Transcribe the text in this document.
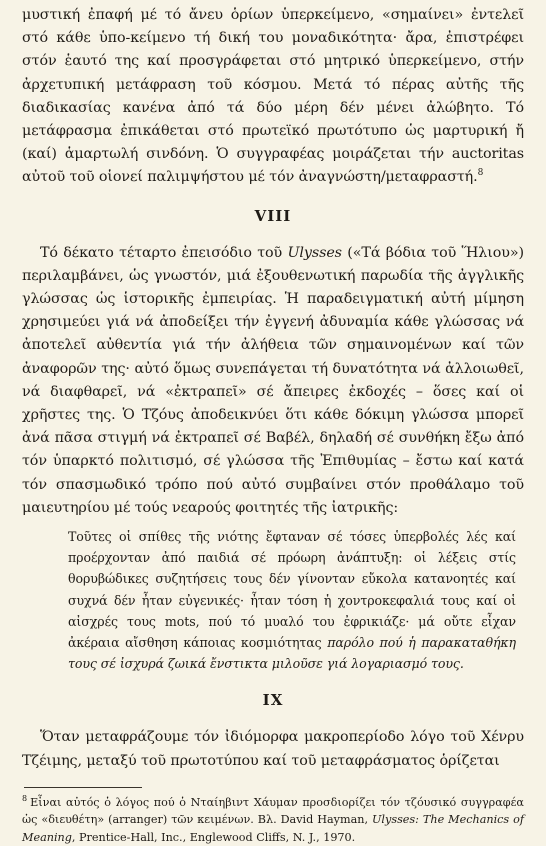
μυστική ἐπαφή μέ τό ἄνευ ὁρίων ὑπερκείμενο, «σημαίνει» ἐντελεῖ στό κάθε ὑπο-κείμενο τή δική του μοναδικότητα· ἄρα, ἐπιστρέφει στόν ἑαυτό της καί προσγράφεται στό μητρικό ὑπερκείμενο, στήν ἀρχετυπική μετάφραση τοῦ κόσμου. Μετά τό πέρας αὐτῆς τῆς διαδικασίας κανένα ἀπό τά δύο μέρη δέν μένει ἀλώβητο. Τό μετάφρασμα ἐπικάθεται στό πρωτεϊκό πρωτότυπο ὡς μαρτυρική ἤ (καί) ἁμαρτωλή σινδόνη. Ὁ συγγραφέας μοιράζεται τήν auctoritas αὐτοῦ τοῦ οἱονεί παλιμψήστου μέ τόν ἀναγνώστη/μεταφραστή.$^8$

VIII

Τό δέκατο τέταρτο ἐπεισόδιο τοῦ Ulysses («Τά βόδια τοῦ Ἥλιου») περιλαμβάνει, ὡς γνωστόν, μιά ἐξουθενωτική παρωδία τῆς ἀγγλικῆς γλώσσας ὡς ἱστορικῆς ἐμπειρίας. Ἡ παραδειγματική αὐτή μίμηση χρησιμεύει γιά νά ἀποδείξει τήν ἐγγενή ἀδυναμία κάθε γλώσσας νά ἀποτελεῖ αὐθεντία γιά τήν ἀλήθεια τῶν σημαινομένων καί τῶν ἀναφορῶν της· αὐτό ὅμως συνεπάγεται τή δυνατότητα νά ἀλλοιωθεῖ, νά διαφθαρεῖ, νά «ἐκτραπεῖ» σέ ἄπειρες ἐκδοχές – ὅσες καί οἱ χρῆστες της. Ὁ Τζόυς ἀποδεικνύει ὅτι κάθε δόκιμη γλώσσα μπορεῖ ἀνά πᾶσα στιγμή νά ἐκτραπεῖ σέ Βαβέλ, δηλαδή σέ συνθήκη ἔξω ἀπό τόν ὑπαρκτό πολιτισμό, σέ γλώσσα τῆς Ἐπιθυμίας – ἔστω καί κατά τόν σπασμωδικό τρόπο πού αὐτό συμβαίνει στόν προθάλαμο τοῦ μαιευτηρίου μέ τούς νεαρούς φοιτητές τῆς ἰατρικῆς:

Τοῦτες οἱ σπίθες τῆς νιότης ἔφταναν σέ τόσες ὑπερβολές λές καί προέρχονταν ἀπό παιδιά σέ πρόωρη ἀνάπτυξη: οἱ λέξεις στίς θορυβώδικες συζητήσεις τους δέν γίνονταν εὔκολα κατανοητές καί συχνά δέν ἦταν εὐγενικές· ἦταν τόση ἡ χοντροκεφαλιά τους καί οἱ αἰσχρές τους mots, πού τό μυαλό του ἐφρικιάζε· μά οὔτε εἶχαν ἀκέραια αἴσθηση κάποιας κοσμιότητας παρόλο πού ἡ παρακαταθήκη τους σέ ἰσχυρά ζωικά ἔνστικτα μιλοῦσε γιά λογαριασμό τους.

IX

Ὅταν μεταφράζουμε τόν ἰδιόμορφα μακροπερίοδο λόγο τοῦ Χένρυ Τζέιμης, μεταξύ τοῦ πρωτοτύπου καί τοῦ μεταφράσματος ὁρίζεται

$^8$ Εἶναι αὐτός ὁ λόγος πού ὁ Νταίηβιντ Χάυμαν προσδιορίζει τόν τζόυσικό συγγραφέα ὡς «διευθέτη» (arranger) τῶν κειμένων. Βλ. David Hayman, Ulysses: The Mechanics of Meaning, Prentice-Hall, Inc., Englewood Cliffs, N. J., 1970.
